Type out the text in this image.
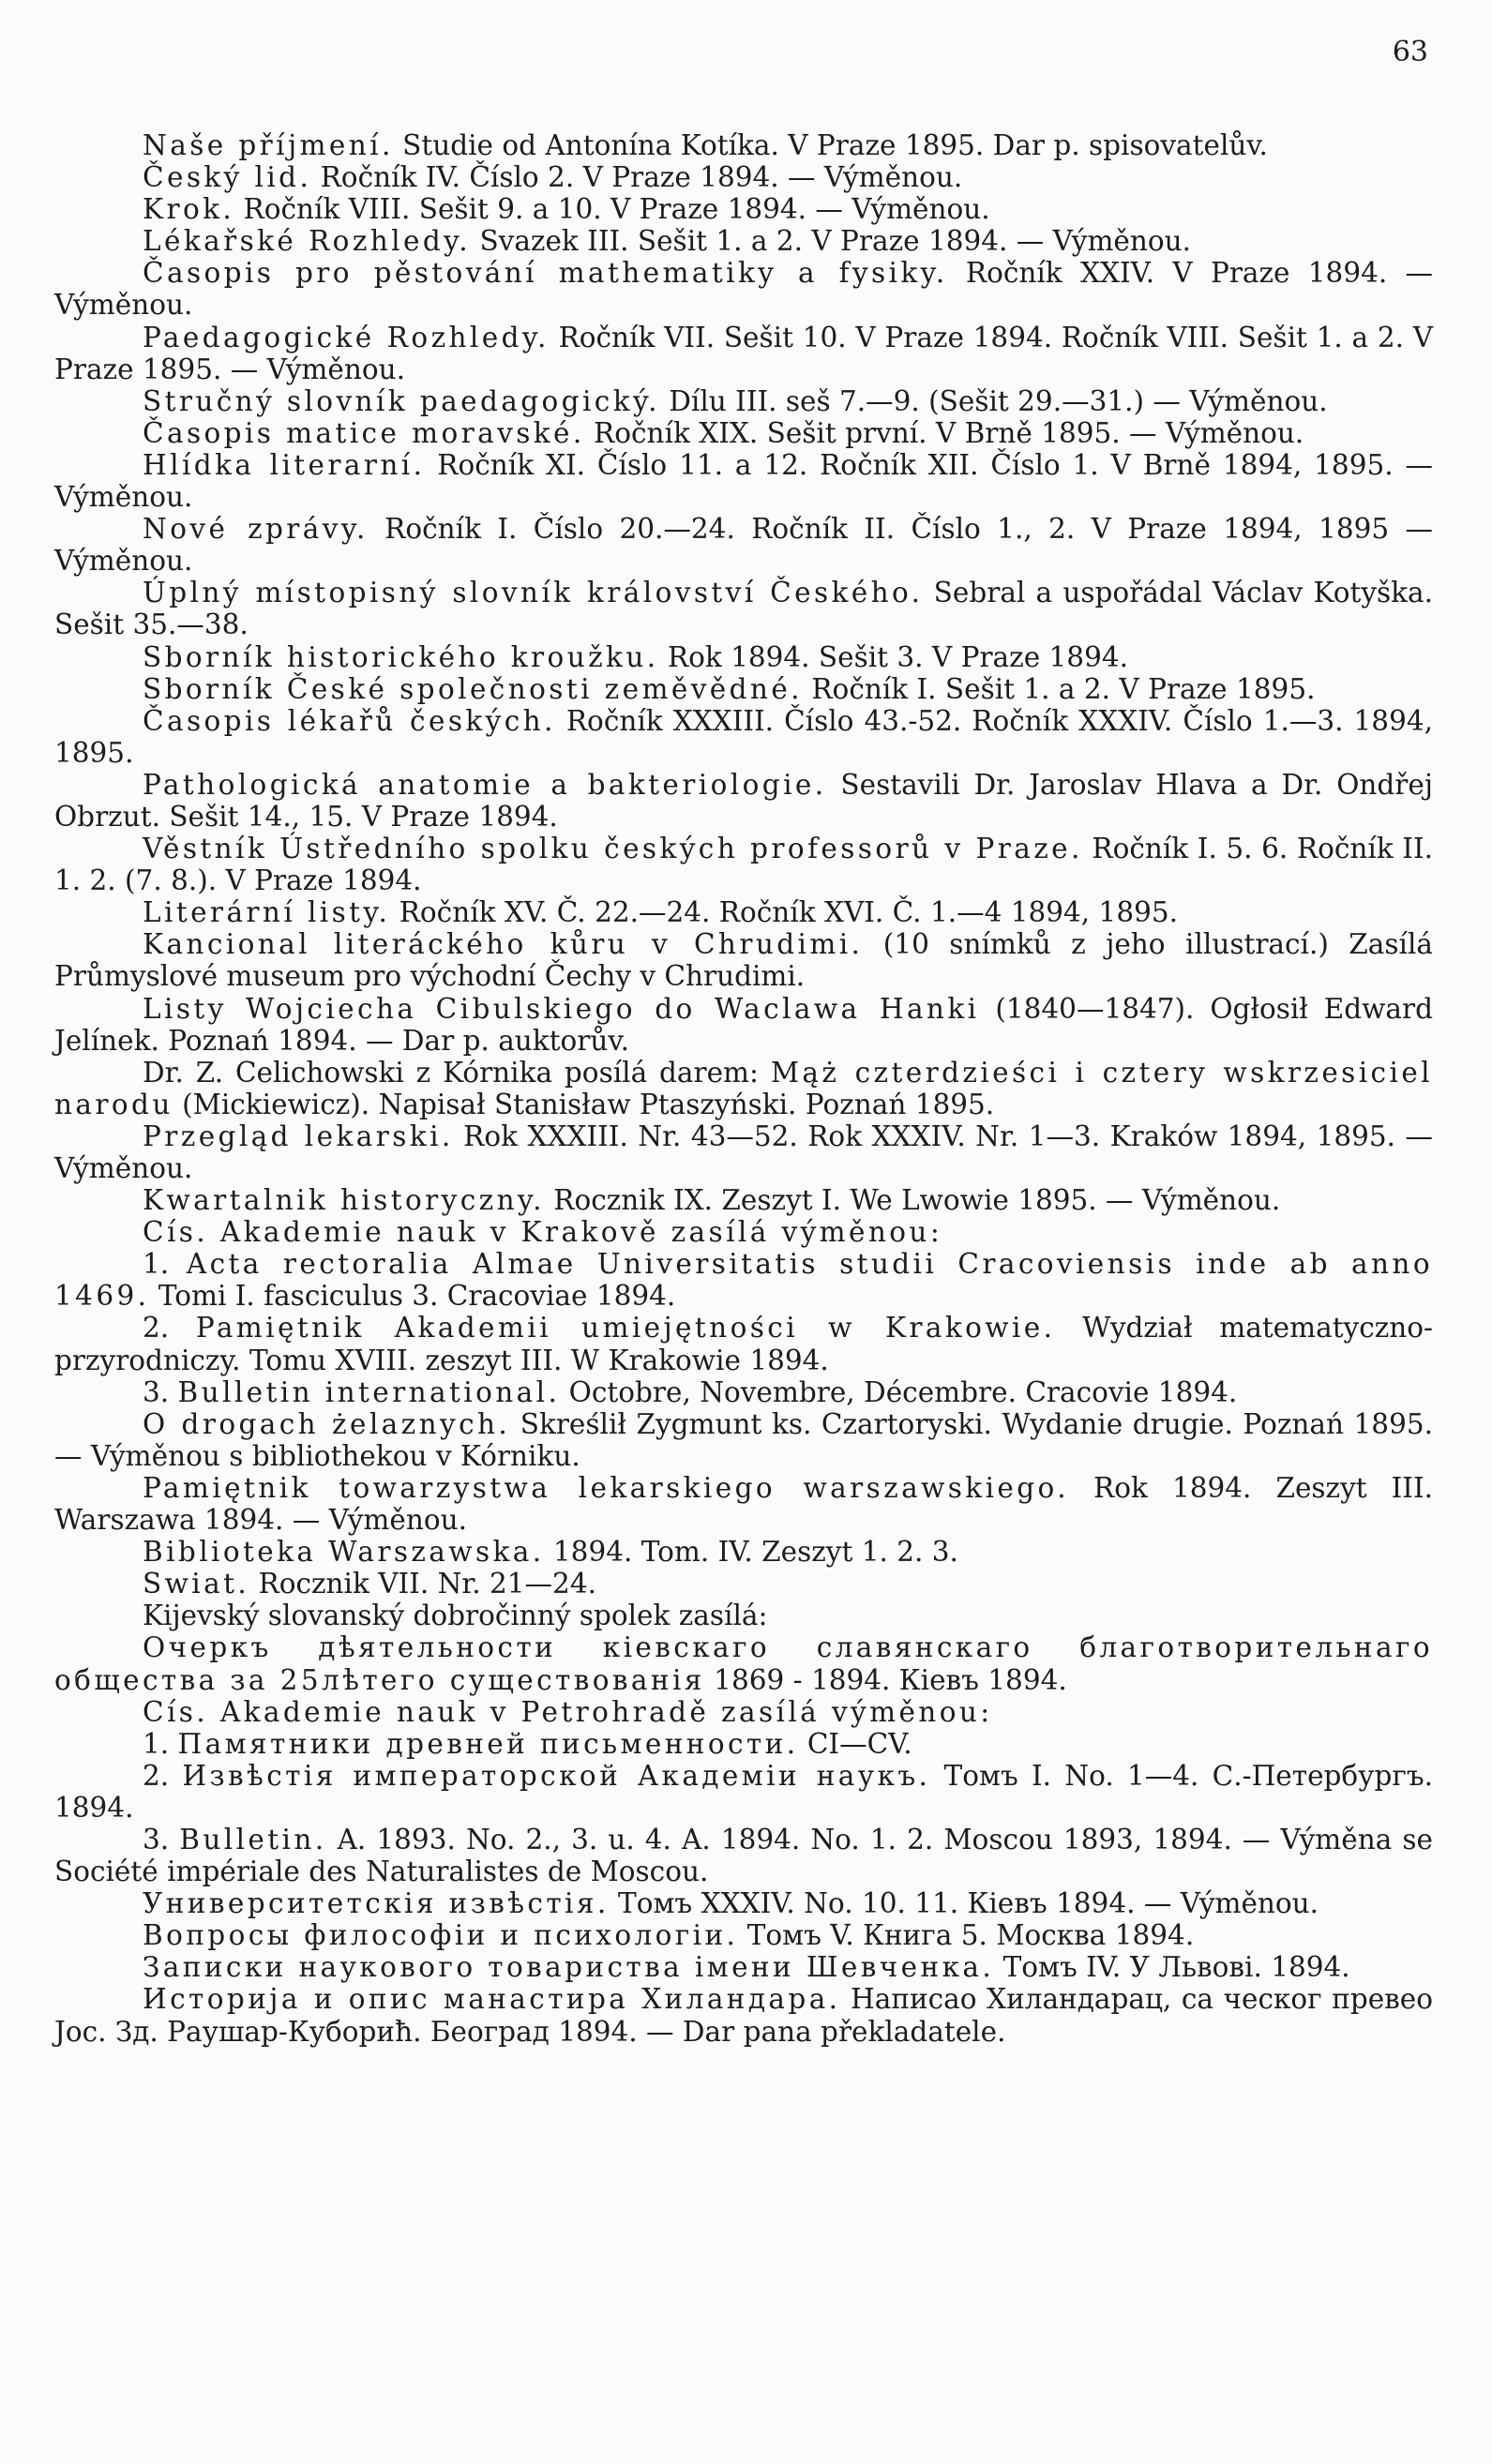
63

Naše příjmení. Studie od Antonína Kotíka. V Praze 1895. Dar p. spisovatelův.

Český lid. Ročník IV. Číslo 2. V Praze 1894. — Výměnou.

Krok. Ročník VIII. Sešit 9. a 10. V Praze 1894. — Výměnou.

Lékařské Rozhledy. Svazek III. Sešit 1. a 2. V Praze 1894. — Výměnou.

Časopis pro pěstování mathematiky a fysiky. Ročník XXIV. V Praze 1894. — Výměnou.

Paedagogické Rozhledy. Ročník VII. Sešit 10. V Praze 1894. Ročník VIII. Sešit 1. a 2. V Praze 1895. — Výměnou.

Stručný slovník paedagogický. Dílu III. seš 7.—9. (Sešit 29.—31.) — Výměnou.

Časopis matice moravské. Ročník XIX. Sešit první. V Brně 1895. — Výměnou.

Hlídka literarní. Ročník XI. Číslo 11. a 12. Ročník XII. Číslo 1. V Brně 1894, 1895. — Výměnou.

Nové zprávy. Ročník I. Číslo 20.—24. Ročník II. Číslo 1., 2. V Praze 1894, 1895 — Výměnou.

Úplný místopisný slovník království Českého. Sebral a uspořádal Václav Kotyška. Sešit 35.—38.

Sborník historického kroužku. Rok 1894. Sešit 3. V Praze 1894.

Sborník České společnosti zeměvědné. Ročník I. Sešit 1. a 2. V Praze 1895.

Časopis lékařů českých. Ročník XXXIII. Číslo 43.-52. Ročník XXXIV. Číslo 1.—3. 1894, 1895.

Pathologická anatomie a bakteriologie. Sestavili Dr. Jaroslav Hlava a Dr. Ondřej Obrzut. Sešit 14., 15. V Praze 1894.

Věstník Ústředního spolku českých professorů v Praze. Ročník I. 5. 6. Ročník II. 1. 2. (7. 8.). V Praze 1894.

Literární listy. Ročník XV. Č. 22.—24. Ročník XVI. Č. 1.—4 1894, 1895.

Kancional literáckého kůru v Chrudimi. (10 snímků z jeho illustrací.) Zasílá Průmyslové museum pro východní Čechy v Chrudimi.

Listy Wojciecha Cibulskiego do Waclawa Hanki (1840—1847). Ogłosił Edward Jelínek. Poznań 1894. — Dar p. auktorův.

Dr. Z. Celichowski z Kórnika posílá darem: Mąż czterdzieści i cztery wskrzesiciel narodu (Mickiewicz). Napisał Stanisław Ptaszyński. Poznań 1895.

Przegląd lekarski. Rok XXXIII. Nr. 43—52. Rok XXXIV. Nr. 1—3. Kraków 1894, 1895. — Výměnou.

Kwartalnik historyczny. Rocznik IX. Zeszyt I. We Lwowie 1895. — Výměnou.

Cís. Akademie nauk v Krakově zasílá výměnou:

1. Acta rectoralia Almae Universitatis studii Cracoviensis inde ab anno 1469. Tomi I. fasciculus 3. Cracoviae 1894.

2. Pamiętnik Akademii umiejętności w Krakowie. Wydział matematyczno-przyrodniczy. Tomu XVIII. zeszyt III. W Krakowie 1894.

3. Bulletin international. Octobre, Novembre, Décembre. Cracovie 1894.

O drogach żelaznych. Skreślił Zygmunt ks. Czartoryski. Wydanie drugie. Poznań 1895. — Výměnou s bibliothekou v Kórniku.

Pamiętnik towarzystwa lekarskiego warszawskiego. Rok 1894. Zeszyt III. Warszawa 1894. — Výměnou.

Biblioteka Warszawska. 1894. Tom. IV. Zeszyt 1. 2. 3.

Swiat. Rocznik VII. Nr. 21—24.

Kijevský slovanský dobročinný spolek zasílá:

Очеркъ дѣятельности кіевскаго славянскаго благотворительнаго общества за 25лѣтего существованія 1869 - 1894. Кіевъ 1894.

Cís. Akademie nauk v Petrohradě zasílá výměnou:

1. Памятники древней письменности. CI—CV.

2. Извѣстія императорской Академіи наукъ. Томъ I. No. 1—4. С.-Петербургъ. 1894.

3. Bulletin. A. 1893. No. 2., 3. u. 4. A. 1894. No. 1. 2. Moscou 1893, 1894. — Výměna se Société impériale des Naturalistes de Moscou.

Университетскія извѣстія. Томъ XXXIV. No. 10. 11. Кіевъ 1894. — Výměnou.

Вопросы философіи и психологіи. Томъ V. Книга 5. Москва 1894.

Записки наукового товариства імени Шевченка. Томъ IV. У Львові. 1894.

Историја и опис манастира Хиландара. Написао Хиландарац, са ческог превео Јос. Зд. Раушар-Кубориħ. Београд 1894. — Dar pana překladatele.
